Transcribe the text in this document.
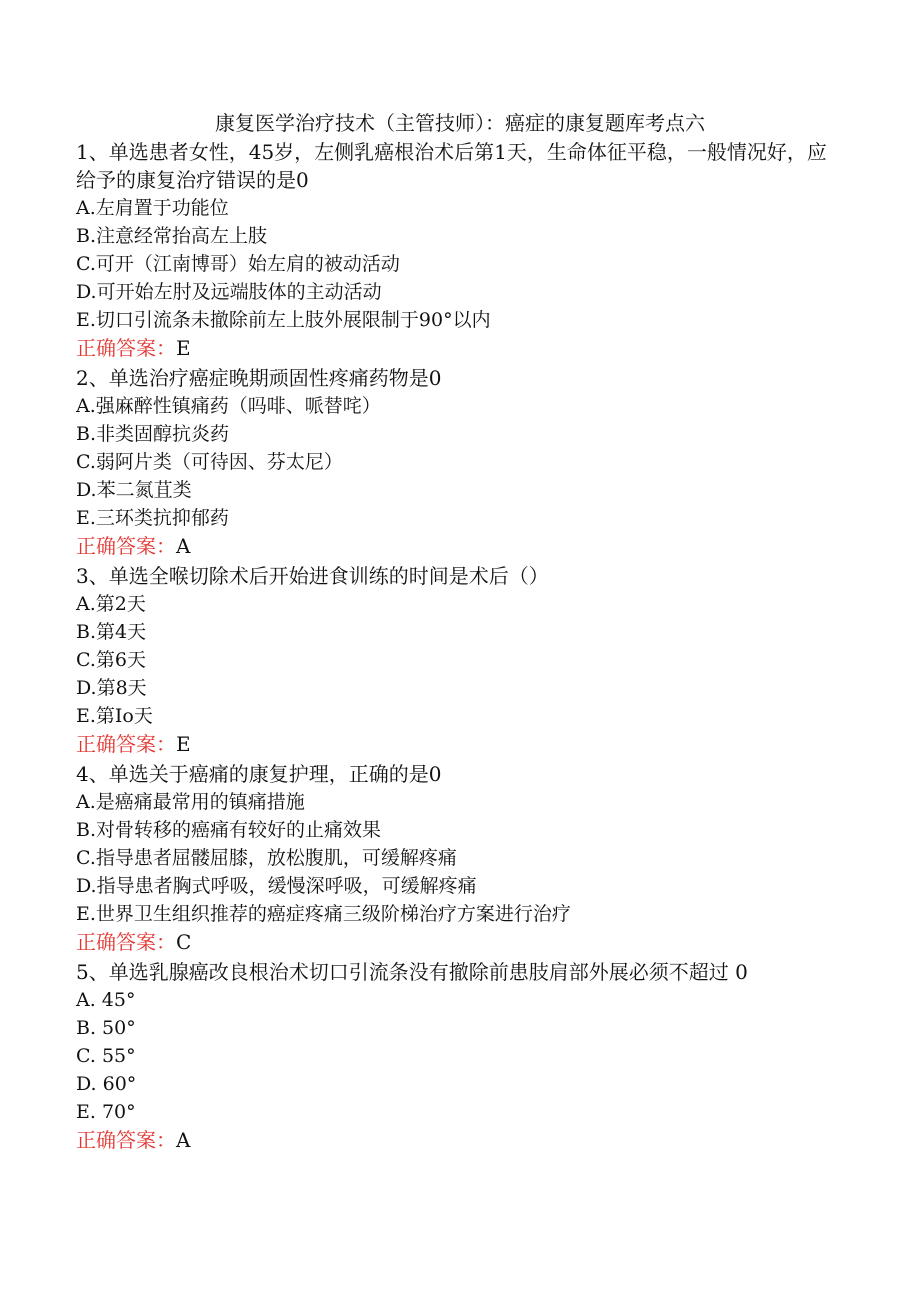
康复医学治疗技术（主管技师）：癌症的康复题库考点六
1、单选患者女性，45岁，左侧乳癌根治术后第1天，生命体征平稳，一般情况好，应给予的康复治疗错误的是0
A.左肩置于功能位
B.注意经常抬高左上肢
C.可开（江南博哥）始左肩的被动活动
D.可开始左肘及远端肢体的主动活动
E.切口引流条未撤除前左上肢外展限制于90°以内
正确答案：E
2、单选治疗癌症晚期顽固性疼痛药物是0
A.强麻醉性镇痛药（吗啡、哌替咤）
B.非类固醇抗炎药
C.弱阿片类（可待因、芬太尼）
D.苯二氮苴类
E.三环类抗抑郁药
正确答案：A
3、单选全喉切除术后开始进食训练的时间是术后（）
A.第2天
B.第4天
C.第6天
D.第8天
E.第Io天
正确答案：E
4、单选关于癌痛的康复护理，正确的是0
A.是癌痛最常用的镇痛措施
B.对骨转移的癌痛有较好的止痛效果
C.指导患者屈髅屈膝，放松腹肌，可缓解疼痛
D.指导患者胸式呼吸，缓慢深呼吸，可缓解疼痛
E.世界卫生组织推荐的癌症疼痛三级阶梯治疗方案进行治疗
正确答案：C
5、单选乳腺癌改良根治术切口引流条没有撤除前患肢肩部外展必须不超过 0
A. 45°
B. 50°
C. 55°
D. 60°
E. 70°
正确答案：A
